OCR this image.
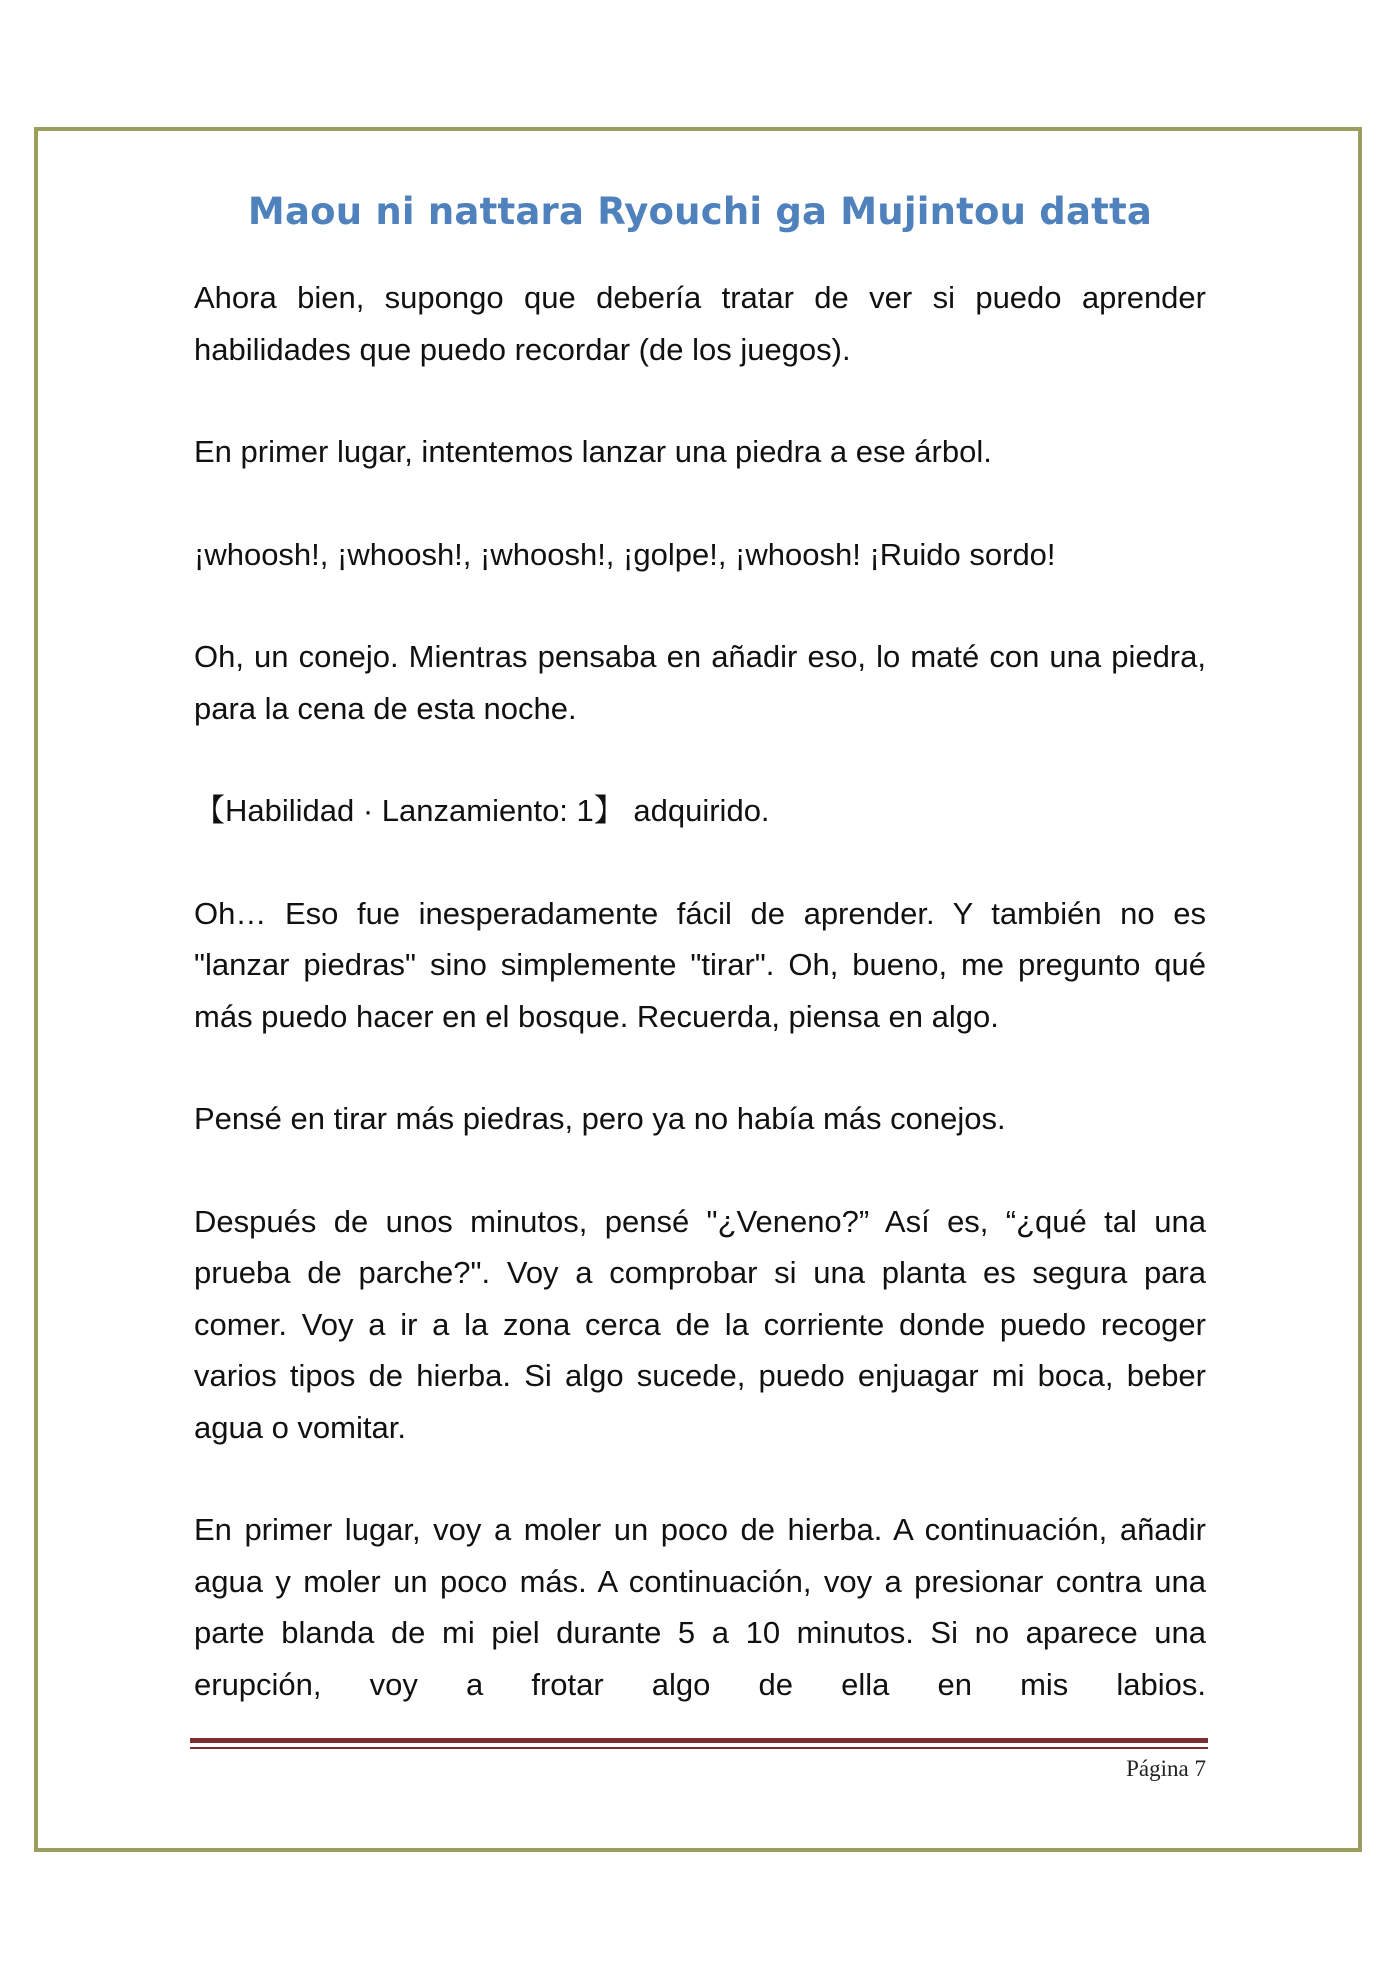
Maou ni nattara Ryouchi ga Mujintou datta

Ahora bien, supongo que debería tratar de ver si puedo aprender habilidades que puedo recordar (de los juegos).

En primer lugar, intentemos lanzar una piedra a ese árbol.

¡whoosh!, ¡whoosh!, ¡whoosh!, ¡golpe!, ¡whoosh! ¡Ruido sordo!

Oh, un conejo. Mientras pensaba en añadir eso, lo maté con una piedra, para la cena de esta noche.

【Habilidad · Lanzamiento: 1】 adquirido.

Oh… Eso fue inesperadamente fácil de aprender. Y también no es "lanzar piedras" sino simplemente "tirar". Oh, bueno, me pregunto qué más puedo hacer en el bosque. Recuerda, piensa en algo.

Pensé en tirar más piedras, pero ya no había más conejos.

Después de unos minutos, pensé "¿Veneno?” Así es, “¿qué tal una prueba de parche?". Voy a comprobar si una planta es segura para comer. Voy a ir a la zona cerca de la corriente donde puedo recoger varios tipos de hierba. Si algo sucede, puedo enjuagar mi boca, beber agua o vomitar.

En primer lugar, voy a moler un poco de hierba. A continuación, añadir agua y moler un poco más. A continuación, voy a presionar contra una parte blanda de mi piel durante 5 a 10 minutos. Si no aparece una erupción, voy a frotar algo de ella en mis labios.

Página 7
